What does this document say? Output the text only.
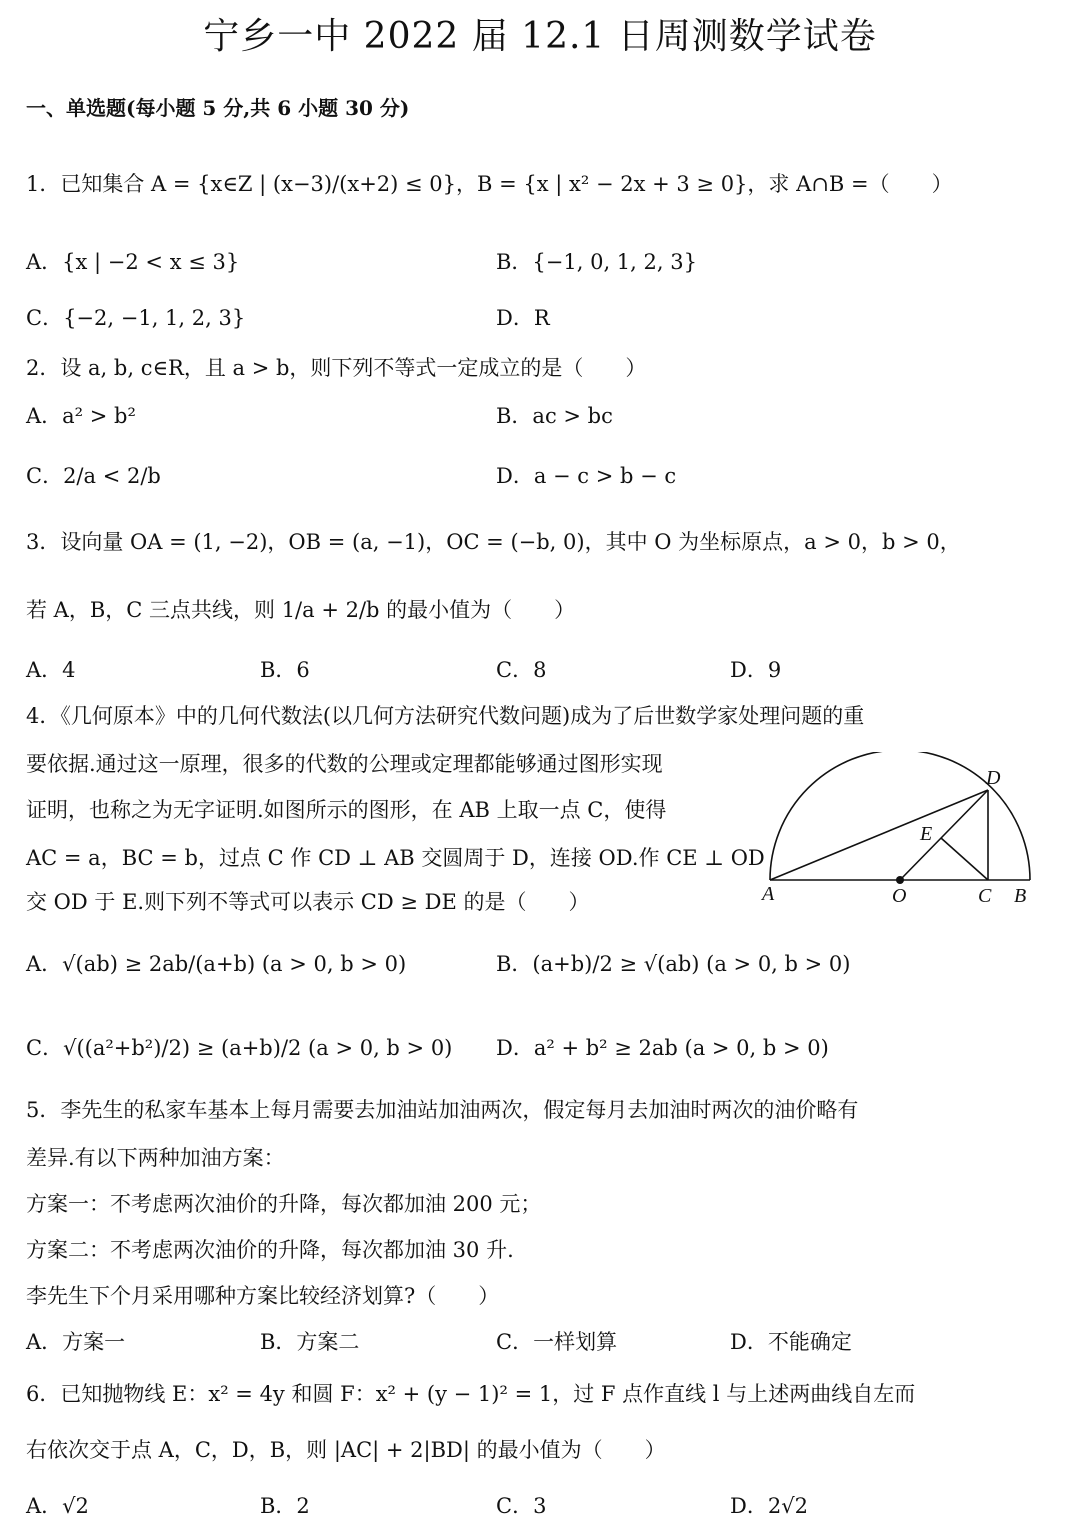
宁乡一中 2022 届 12.1 日周测数学试卷
一、单选题(每小题 5 分,共 6 小题 30 分)
1．已知集合 A = {x∈Z | (x−3)/(x+2) ≤ 0}，B = {x | x² − 2x + 3 ≥ 0}，求 A∩B =（　　）
A．{x | −2 < x ≤ 3}	B．{−1, 0, 1, 2, 3}
C．{−2, −1, 1, 2, 3}	D．R
2．设 a, b, c∈R，且 a > b，则下列不等式一定成立的是（　　）
A．a² > b²	B．ac > bc
C．2/a < 2/b	D．a − c > b − c
3．设向量 OA = (1, −2)，OB = (a, −1)，OC = (−b, 0)，其中 O 为坐标原点，a > 0，b > 0，
若 A，B，C 三点共线，则 1/a + 2/b 的最小值为（　　）
A．4	B．6	C．8	D．9
4．《几何原本》中的几何代数法(以几何方法研究代数问题)成为了后世数学家处理问题的重
要依据.通过这一原理，很多的代数的公理或定理都能够通过图形实现
证明，也称之为无字证明.如图所示的图形，在 AB 上取一点 C，使得
AC = a，BC = b，过点 C 作 CD ⊥ AB 交圆周于 D，连接 OD.作 CE ⊥ OD
交 OD 于 E.则下列不等式可以表示 CD ≥ DE 的是（　　）	A	O	C B
D
E
A．√(ab) ≥ 2ab/(a+b) (a > 0, b > 0)	B．(a+b)/2 ≥ √(ab) (a > 0, b > 0)
C．√((a²+b²)/2) ≥ (a+b)/2 (a > 0, b > 0) D．a² + b² ≥ 2ab (a > 0, b > 0)
5．李先生的私家车基本上每月需要去加油站加油两次，假定每月去加油时两次的油价略有
差异.有以下两种加油方案：
方案一：不考虑两次油价的升降，每次都加油 200 元；
方案二：不考虑两次油价的升降，每次都加油 30 升.
李先生下个月采用哪种方案比较经济划算?（　　）
A．方案一	B．方案二	C．一样划算	D．不能确定
6．已知抛物线 E：x² = 4y 和圆 F：x² + (y − 1)² = 1，过 F 点作直线 l 与上述两曲线自左而
右依次交于点 A，C，D，B，则 |AC| + 2|BD| 的最小值为（　　）
A．√2	B．2	C．3	D．2√2
